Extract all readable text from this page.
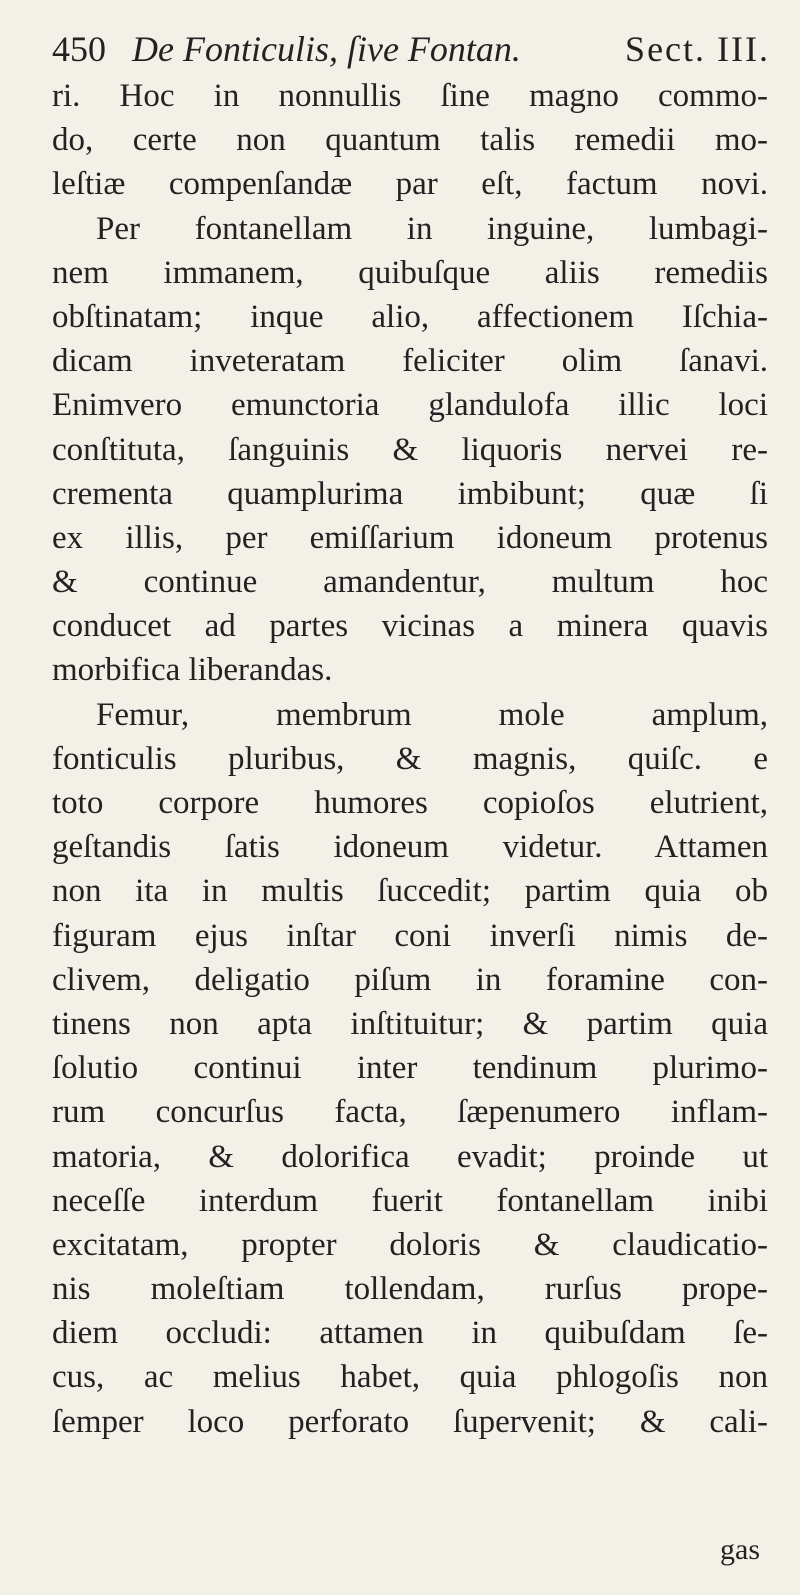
450 De Fonticulis, ſive Fontan.	Sect. III.
ri. Hoc in nonnullis ſine magno commo-
do, certe non quantum talis remedii mo-
leſtiæ compenſandæ par eſt, factum novi.
Per fontanellam in inguine, lumbagi-
nem immanem, quibuſque aliis remediis
obſtinatam; inque alio, affectionem Iſchia-
dicam inveteratam feliciter olim ſanavi.
Enimvero emunctoria glandulofa illic loci
conſtituta, ſanguinis & liquoris nervei re-
crementa quamplurima imbibunt; quæ ſi
ex illis, per emiſſarium idoneum protenus
& continue amandentur, multum hoc
conducet ad partes vicinas a minera quavis
morbifica liberandas.
Femur, membrum mole amplum,
fonticulis pluribus, & magnis, quiſc. e
toto corpore humores copioſos elutrient,
geſtandis ſatis idoneum videtur. Attamen
non ita in multis ſuccedit; partim quia ob
figuram ejus inſtar coni inverſi nimis de-
clivem, deligatio piſum in foramine con-
tinens non apta inſtituitur; & partim quia
ſolutio continui inter tendinum plurimo-
rum concurſus facta, ſæpenumero inflam-
matoria, & dolorifica evadit; proinde ut
neceſſe interdum fuerit fontanellam inibi
excitatam, propter doloris & claudicatio-
nis moleſtiam tollendam, rurſus prope-
diem occludi: attamen in quibuſdam ſe-
cus, ac melius habet, quia phlogoſis non
ſemper loco perforato ſupervenit; & cali-
gas
